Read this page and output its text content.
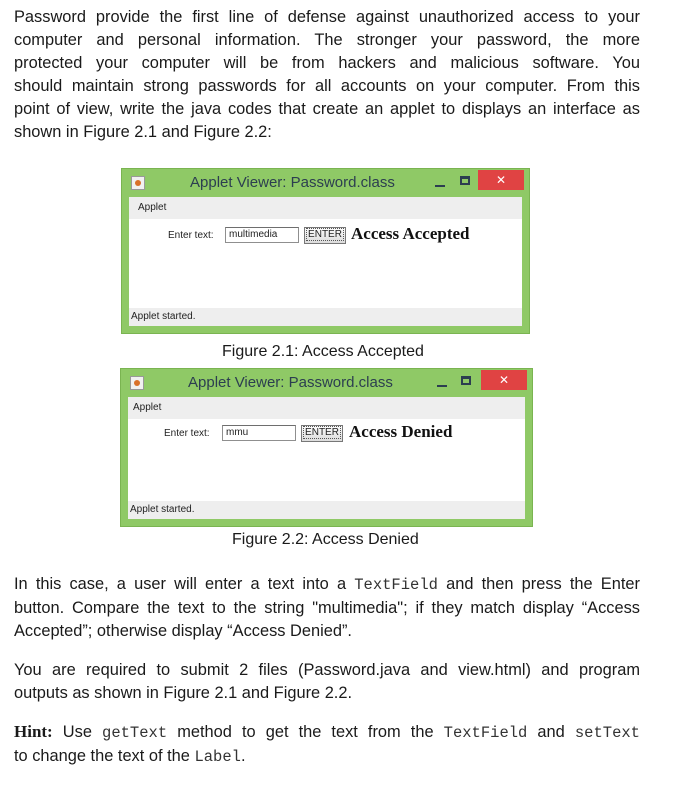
Password provide the first line of defense against unauthorized access to your
computer and personal information. The stronger your password, the more
protected your computer will be from hackers and malicious software. You
should maintain strong passwords for all accounts on your computer. From this
point of view, write the java codes that create an applet to displays an interface as
shown in Figure 2.1 and Figure 2.2:
Applet Viewer: Password.class	✕
Applet
Enter text:	multimedia	ENTER Access Accepted
Applet started.
Figure 2.1: Access Accepted
Applet Viewer: Password.class	✕
Applet
Enter text:	mmu	ENTER Access Denied
Applet started.
Figure 2.2: Access Denied
In this case, a user will enter a text into a TextField and then press the Enter
button. Compare the text to the string "multimedia"; if they match display “Access
Accepted”; otherwise display “Access Denied”.
You are required to submit 2 files (Password.java and view.html) and program
outputs as shown in Figure 2.1 and Figure 2.2.
Hint: Use getText method to get the text from the TextField and setText
to change the text of the Label.
